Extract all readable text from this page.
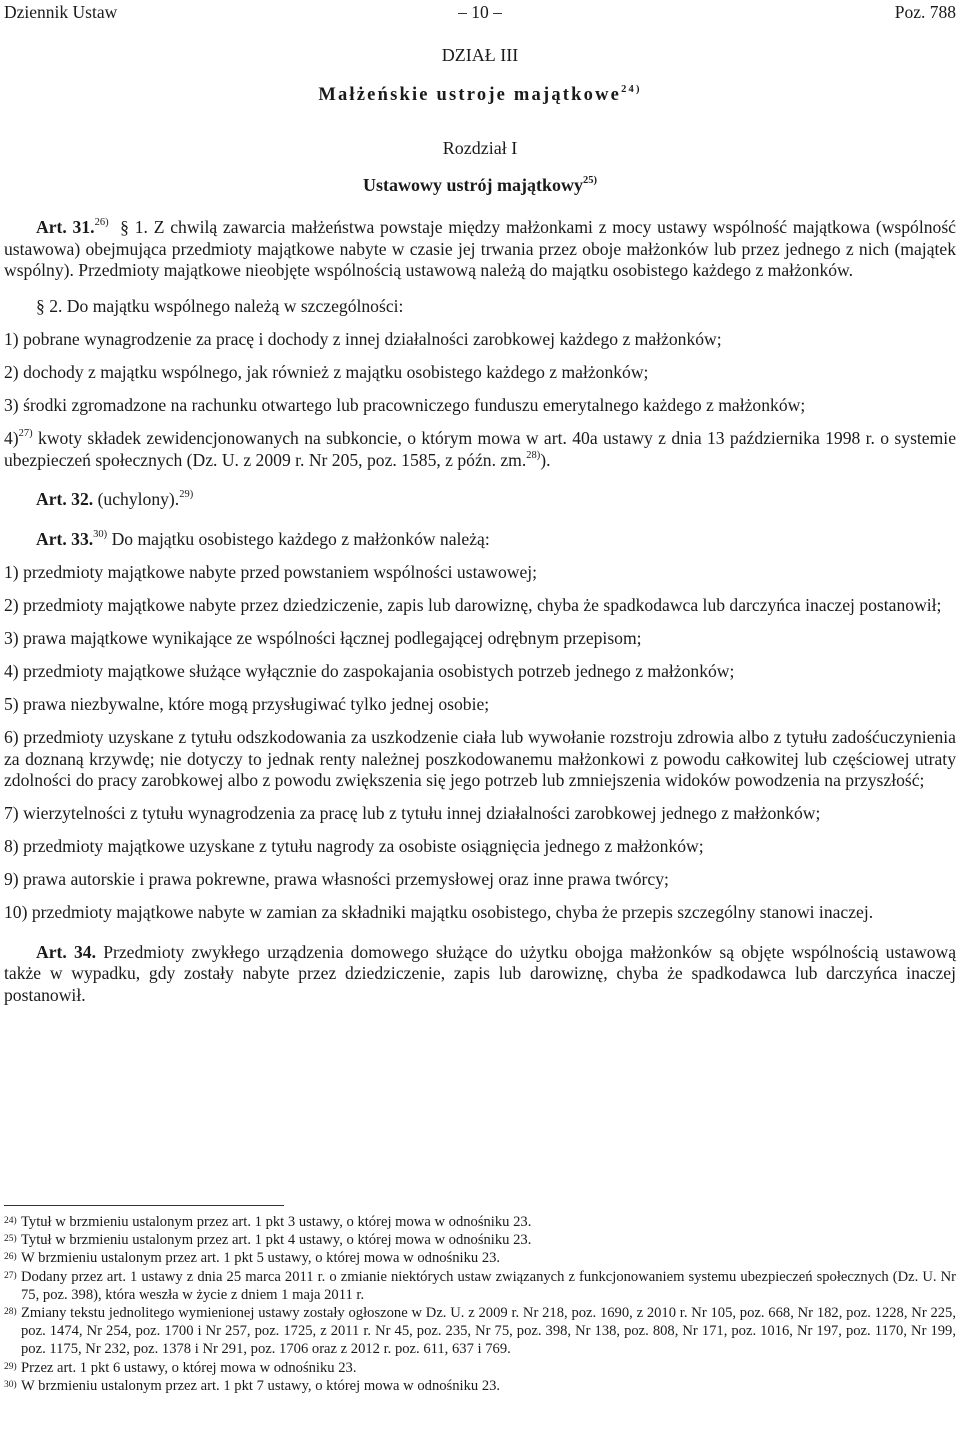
Dziennik Ustaw	– 10 –	Poz. 788
DZIAŁ III
Małżeńskie ustroje majątkowe$^{24)}$
Rozdział I
Ustawowy ustrój majątkowy$^{25)}$

Art. 31.$^{26)}$ § 1. Z chwilą zawarcia małżeństwa powstaje między małżonkami z mocy ustawy wspólność majątkowa (wspólność ustawowa) obejmująca przedmioty majątkowe nabyte w czasie jej trwania przez oboje małżonków lub przez jednego z nich (majątek wspólny). Przedmioty majątkowe nieobjęte wspólnością ustawową należą do majątku osobistego każdego z małżonków.

§ 2. Do majątku wspólnego należą w szczególności:

1) pobrane wynagrodzenie za pracę i dochody z innej działalności zarobkowej każdego z małżonków;
2) dochody z majątku wspólnego, jak również z majątku osobistego każdego z małżonków;
3) środki zgromadzone na rachunku otwartego lub pracowniczego funduszu emerytalnego każdego z małżonków;
4)$^{27)}$ kwoty składek zewidencjonowanych na subkoncie, o którym mowa w art. 40a ustawy z dnia 13 października 1998 r. o systemie ubezpieczeń społecznych (Dz. U. z 2009 r. Nr 205, poz. 1585, z późn. zm.$^{28)}$).

Art. 32. (uchylony).$^{29)}$

Art. 33.$^{30)}$ Do majątku osobistego każdego z małżonków należą:

1) przedmioty majątkowe nabyte przed powstaniem wspólności ustawowej;
2) przedmioty majątkowe nabyte przez dziedziczenie, zapis lub darowiznę, chyba że spadkodawca lub darczyńca inaczej postanowił;
3) prawa majątkowe wynikające ze wspólności łącznej podlegającej odrębnym przepisom;
4) przedmioty majątkowe służące wyłącznie do zaspokajania osobistych potrzeb jednego z małżonków;
5) prawa niezbywalne, które mogą przysługiwać tylko jednej osobie;
6) przedmioty uzyskane z tytułu odszkodowania za uszkodzenie ciała lub wywołanie rozstroju zdrowia albo z tytułu zadośćuczynienia za doznaną krzywdę; nie dotyczy to jednak renty należnej poszkodowanemu małżonkowi z powodu całkowitej lub częściowej utraty zdolności do pracy zarobkowej albo z powodu zwiększenia się jego potrzeb lub zmniejszenia widoków powodzenia na przyszłość;
7) wierzytelności z tytułu wynagrodzenia za pracę lub z tytułu innej działalności zarobkowej jednego z małżonków;
8) przedmioty majątkowe uzyskane z tytułu nagrody za osobiste osiągnięcia jednego z małżonków;
9) prawa autorskie i prawa pokrewne, prawa własności przemysłowej oraz inne prawa twórcy;
10) przedmioty majątkowe nabyte w zamian za składniki majątku osobistego, chyba że przepis szczególny stanowi inaczej.

Art. 34. Przedmioty zwykłego urządzenia domowego służące do użytku obojga małżonków są objęte wspólnością ustawową także w wypadku, gdy zostały nabyte przez dziedziczenie, zapis lub darowiznę, chyba że spadkodawca lub darczyńca inaczej postanowił.

24) Tytuł w brzmieniu ustalonym przez art. 1 pkt 3 ustawy, o której mowa w odnośniku 23.
25) Tytuł w brzmieniu ustalonym przez art. 1 pkt 4 ustawy, o której mowa w odnośniku 23.
26) W brzmieniu ustalonym przez art. 1 pkt 5 ustawy, o której mowa w odnośniku 23.
27) Dodany przez art. 1 ustawy z dnia 25 marca 2011 r. o zmianie niektórych ustaw związanych z funkcjonowaniem systemu ubezpieczeń społecznych (Dz. U. Nr 75, poz. 398), która weszła w życie z dniem 1 maja 2011 r.
28) Zmiany tekstu jednolitego wymienionej ustawy zostały ogłoszone w Dz. U. z 2009 r. Nr 218, poz. 1690, z 2010 r. Nr 105, poz. 668, Nr 182, poz. 1228, Nr 225, poz. 1474, Nr 254, poz. 1700 i Nr 257, poz. 1725, z 2011 r. Nr 45, poz. 235, Nr 75, poz. 398, Nr 138, poz. 808, Nr 171, poz. 1016, Nr 197, poz. 1170, Nr 199, poz. 1175, Nr 232, poz. 1378 i Nr 291, poz. 1706 oraz z 2012 r. poz. 611, 637 i 769.
29) Przez art. 1 pkt 6 ustawy, o której mowa w odnośniku 23.
30) W brzmieniu ustalonym przez art. 1 pkt 7 ustawy, o której mowa w odnośniku 23.
